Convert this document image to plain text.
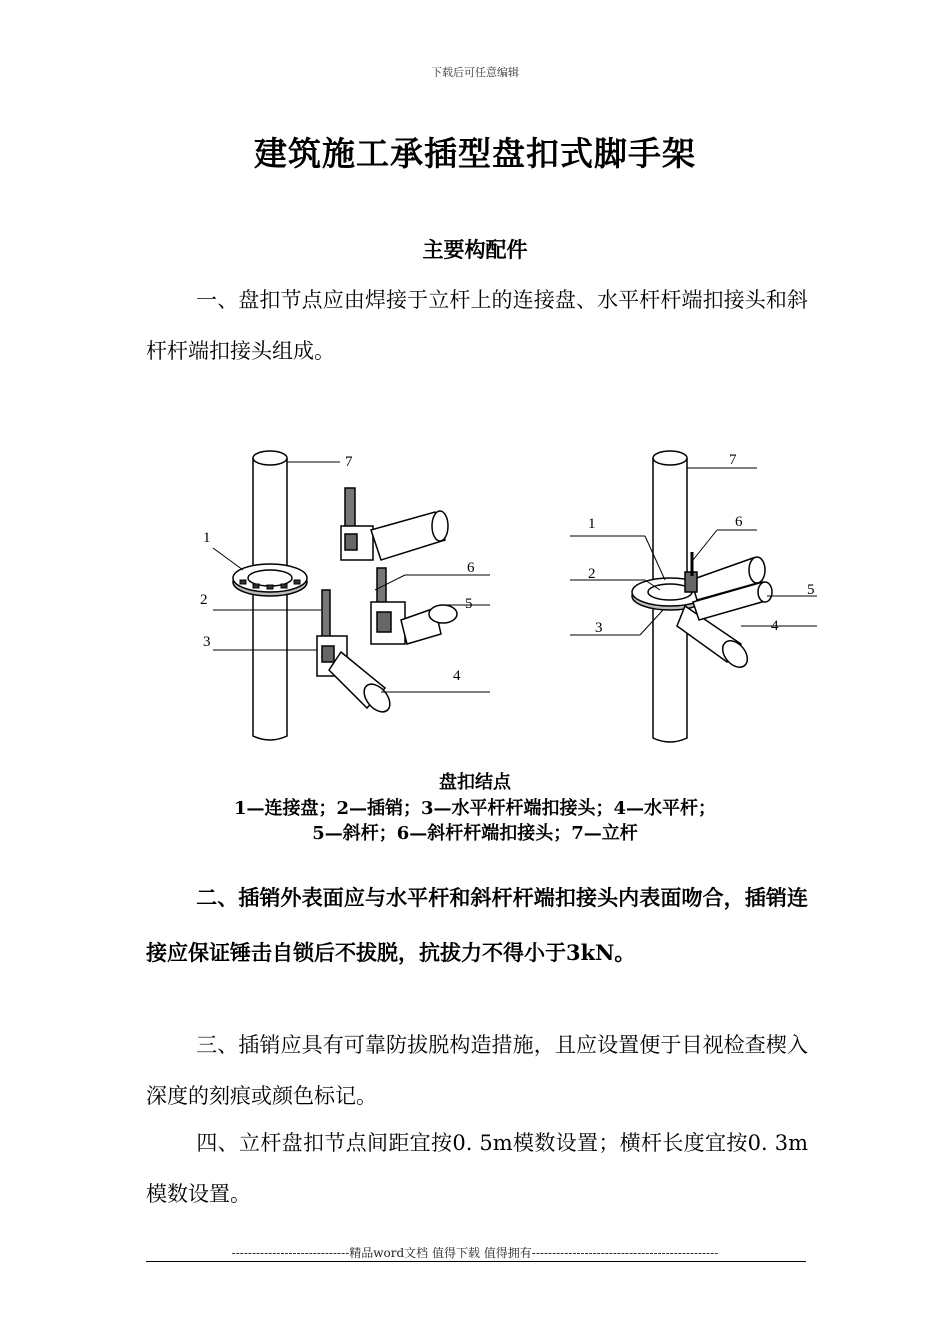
下载后可任意编辑
建筑施工承插型盘扣式脚手架
主要构配件
一、盘扣节点应由焊接于立杆上的连接盘、水平杆杆端扣接头和斜杆杆端扣接头组成。
7
1
2
3
4
5
6
7
1
2
3	4
5
6
盘扣结点
1—连接盘；2—插销；3—水平杆杆端扣接头；4—水平杆；
5—斜杆；6—斜杆杆端扣接头；7—立杆
二、插销外表面应与水平杆和斜杆杆端扣接头内表面吻合，插销连接应保证锤击自锁后不拔脱，抗拔力不得小于3kN。
三、插销应具有可靠防拔脱构造措施，且应设置便于目视检查楔入深度的刻痕或颜色标记。
四、立杆盘扣节点间距宜按0. 5m模数设置；横杆长度宜按0. 3m模数设置。
-----------------------------精品word文档 值得下载 值得拥有----------------------------------------------
